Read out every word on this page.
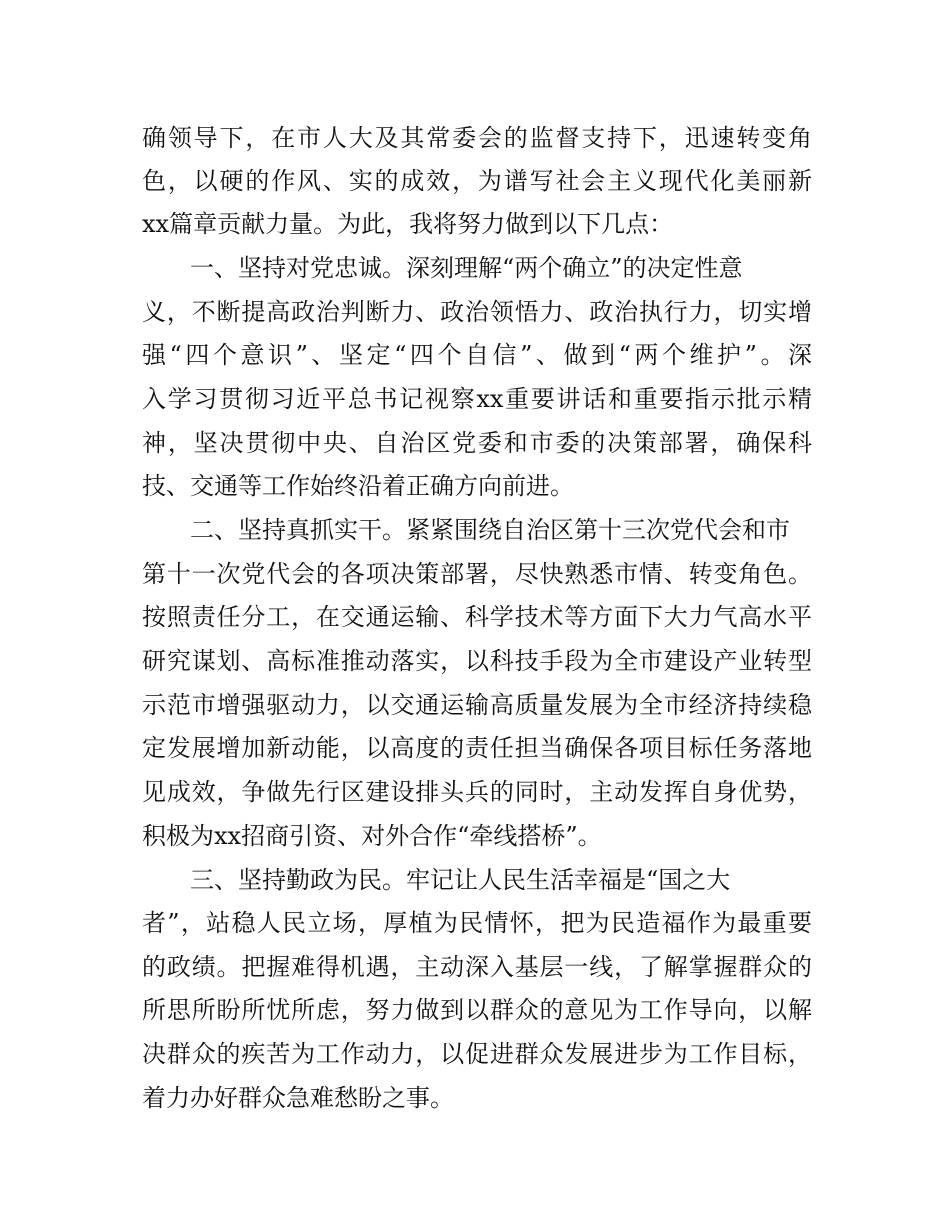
确领导下，在市人大及其常委会的监督支持下，迅速转变角
色，以硬的作风、实的成效，为谱写社会主义现代化美丽新
xx篇章贡献力量。为此，我将努力做到以下几点：
一、坚持对党忠诚。深刻理解“两个确立”的决定性意
义，不断提高政治判断力、政治领悟力、政治执行力，切实增
强“四个意识”、坚定“四个自信”、做到“两个维护”。深
入学习贯彻习近平总书记视察xx重要讲话和重要指示批示精
神，坚决贯彻中央、自治区党委和市委的决策部署，确保科
技、交通等工作始终沿着正确方向前进。
二、坚持真抓实干。紧紧围绕自治区第十三次党代会和市
第十一次党代会的各项决策部署，尽快熟悉市情、转变角色。
按照责任分工，在交通运输、科学技术等方面下大力气高水平
研究谋划、高标准推动落实，以科技手段为全市建设产业转型
示范市增强驱动力，以交通运输高质量发展为全市经济持续稳
定发展增加新动能，以高度的责任担当确保各项目标任务落地
见成效，争做先行区建设排头兵的同时，主动发挥自身优势，
积极为xx招商引资、对外合作“牵线搭桥”。
三、坚持勤政为民。牢记让人民生活幸福是“国之大
者”，站稳人民立场，厚植为民情怀，把为民造福作为最重要
的政绩。把握难得机遇，主动深入基层一线，了解掌握群众的
所思所盼所忧所虑，努力做到以群众的意见为工作导向，以解
决群众的疾苦为工作动力，以促进群众发展进步为工作目标，
着力办好群众急难愁盼之事。
